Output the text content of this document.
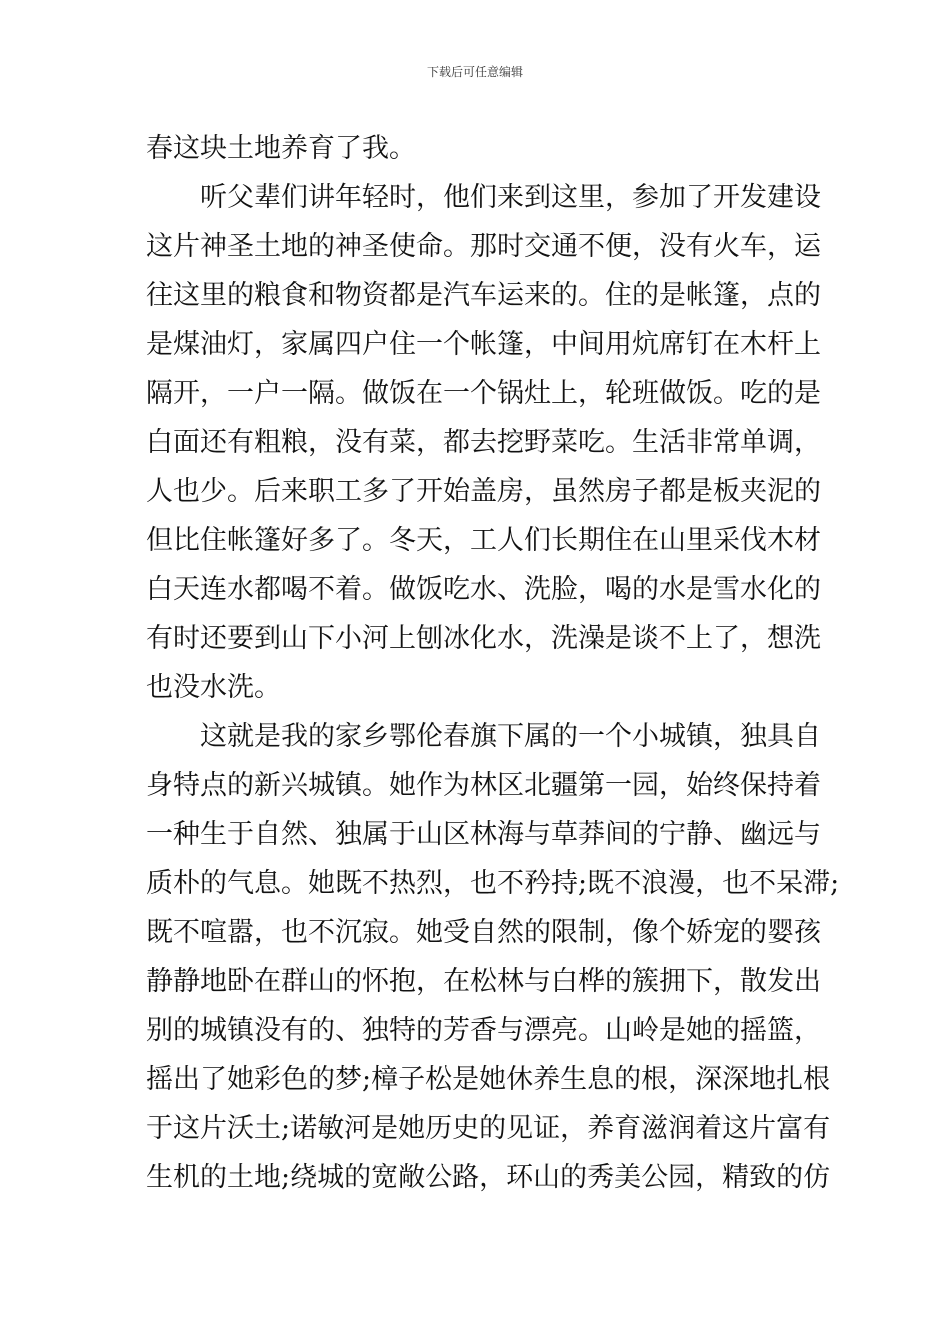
下载后可任意编辑
春这块土地养育了我。
听父辈们讲年轻时，他们来到这里，参加了开发建设
这片神圣土地的神圣使命。那时交通不便，没有火车，运
往这里的粮食和物资都是汽车运来的。住的是帐篷，点的
是煤油灯，家属四户住一个帐篷，中间用炕席钉在木杆上
隔开，一户一隔。做饭在一个锅灶上，轮班做饭。吃的是
白面还有粗粮，没有菜，都去挖野菜吃。生活非常单调，
人也少。后来职工多了开始盖房，虽然房子都是板夹泥的
但比住帐篷好多了。冬天，工人们长期住在山里采伐木材
白天连水都喝不着。做饭吃水、洗脸，喝的水是雪水化的
有时还要到山下小河上刨冰化水，洗澡是谈不上了，想洗
也没水洗。
这就是我的家乡鄂伦春旗下属的一个小城镇，独具自
身特点的新兴城镇。她作为林区北疆第一园，始终保持着
一种生于自然、独属于山区林海与草莽间的宁静、幽远与
质朴的气息。她既不热烈，也不矜持;既不浪漫，也不呆滞;
既不喧嚣，也不沉寂。她受自然的限制，像个娇宠的婴孩
静静地卧在群山的怀抱，在松林与白桦的簇拥下，散发出
别的城镇没有的、独特的芳香与漂亮。山岭是她的摇篮，
摇出了她彩色的梦;樟子松是她休养生息的根，深深地扎根
于这片沃土;诺敏河是她历史的见证，养育滋润着这片富有
生机的土地;绕城的宽敞公路，环山的秀美公园，精致的仿
